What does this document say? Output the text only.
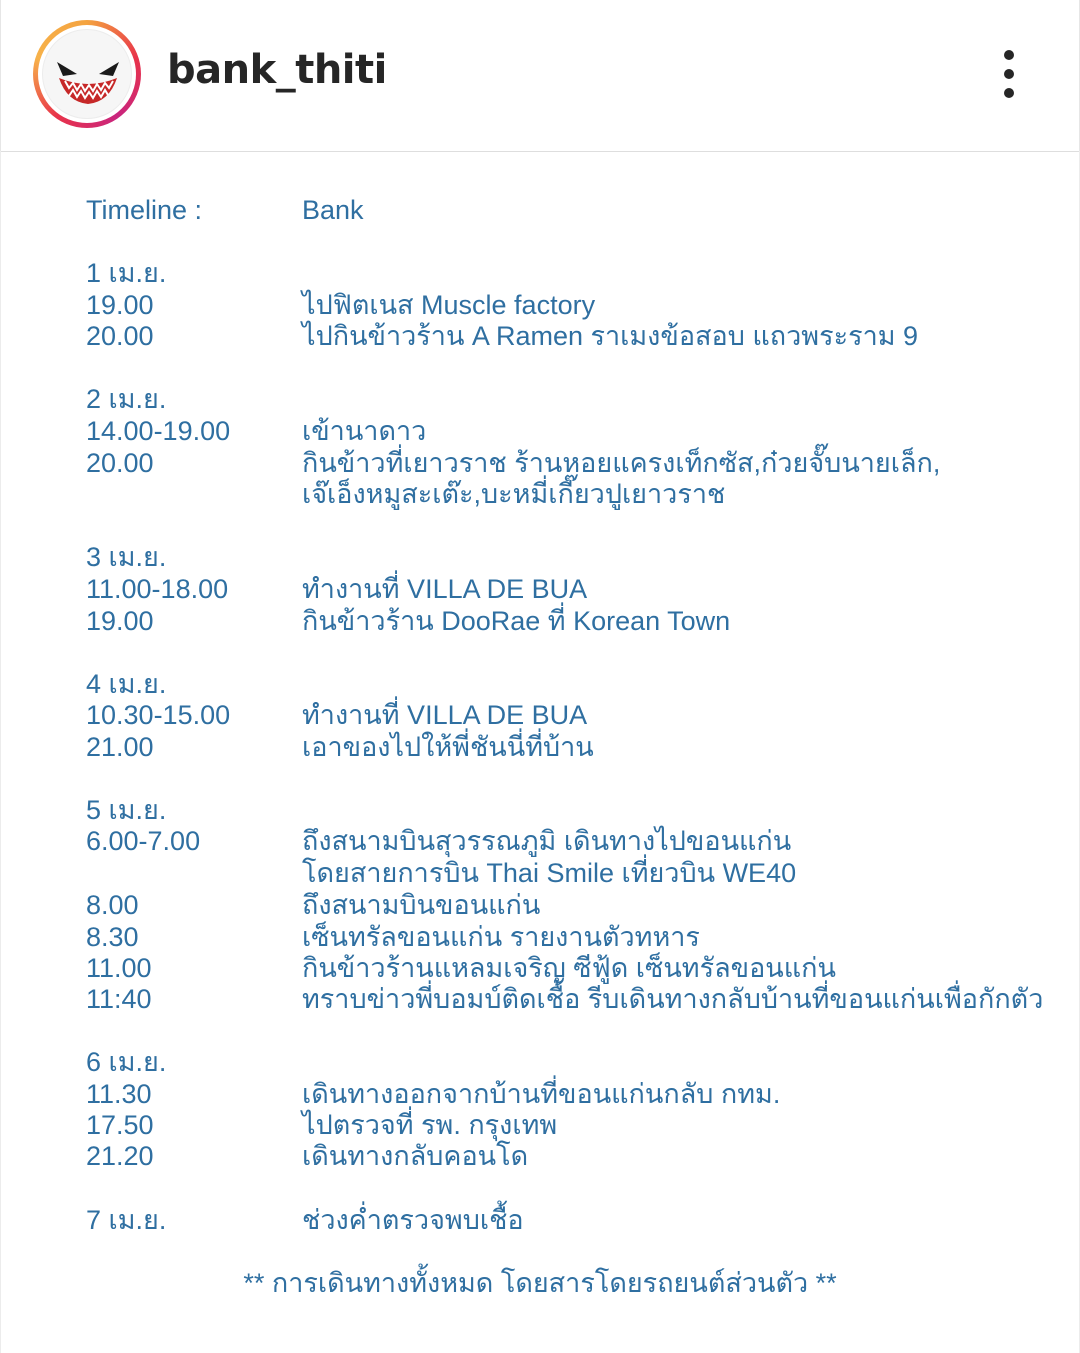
bank_thiti
Timeline :	Bank
1 เม.ย.
19.00	ไปฟิตเนส Muscle factory
20.00	ไปกินข้าวร้าน A Ramen ราเมงข้อสอบ แถวพระราม 9
2 เม.ย.
14.00-19.00	เข้านาดาว
20.00	กินข้าวที่เยาวราช ร้านหอยแครงเท็กซัส,ก๋วยจั๊บนายเล็ก,
เจ๊เอ็งหมูสะเต๊ะ,บะหมี่เกี๊ยวปูเยาวราช
3 เม.ย.
11.00-18.00	ทำงานที่ VILLA DE BUA
19.00	กินข้าวร้าน DooRae ที่ Korean Town
4 เม.ย.
10.30-15.00	ทำงานที่ VILLA DE BUA
21.00	เอาของไปให้พี่ชันนี่ที่บ้าน
5 เม.ย.
6.00-7.00	ถึงสนามบินสุวรรณภูมิ เดินทางไปขอนแก่น
โดยสายการบิน Thai Smile เที่ยวบิน WE40
8.00	ถึงสนามบินขอนแก่น
8.30	เซ็นทรัลขอนแก่น รายงานตัวทหาร
11.00	กินข้าวร้านแหลมเจริญ ซีฟู้ด เซ็นทรัลขอนแก่น
11:40	ทราบข่าวพี่บอมบ์ติดเชื้อ รีบเดินทางกลับบ้านที่ขอนแก่นเพื่อกักตัว
6 เม.ย.
11.30	เดินทางออกจากบ้านที่ขอนแก่นกลับ กทม.
17.50	ไปตรวจที่ รพ. กรุงเทพ
21.20	เดินทางกลับคอนโด
7 เม.ย.	ช่วงค่ำตรวจพบเชื้อ
** การเดินทางทั้งหมด โดยสารโดยรถยนต์ส่วนตัว **
